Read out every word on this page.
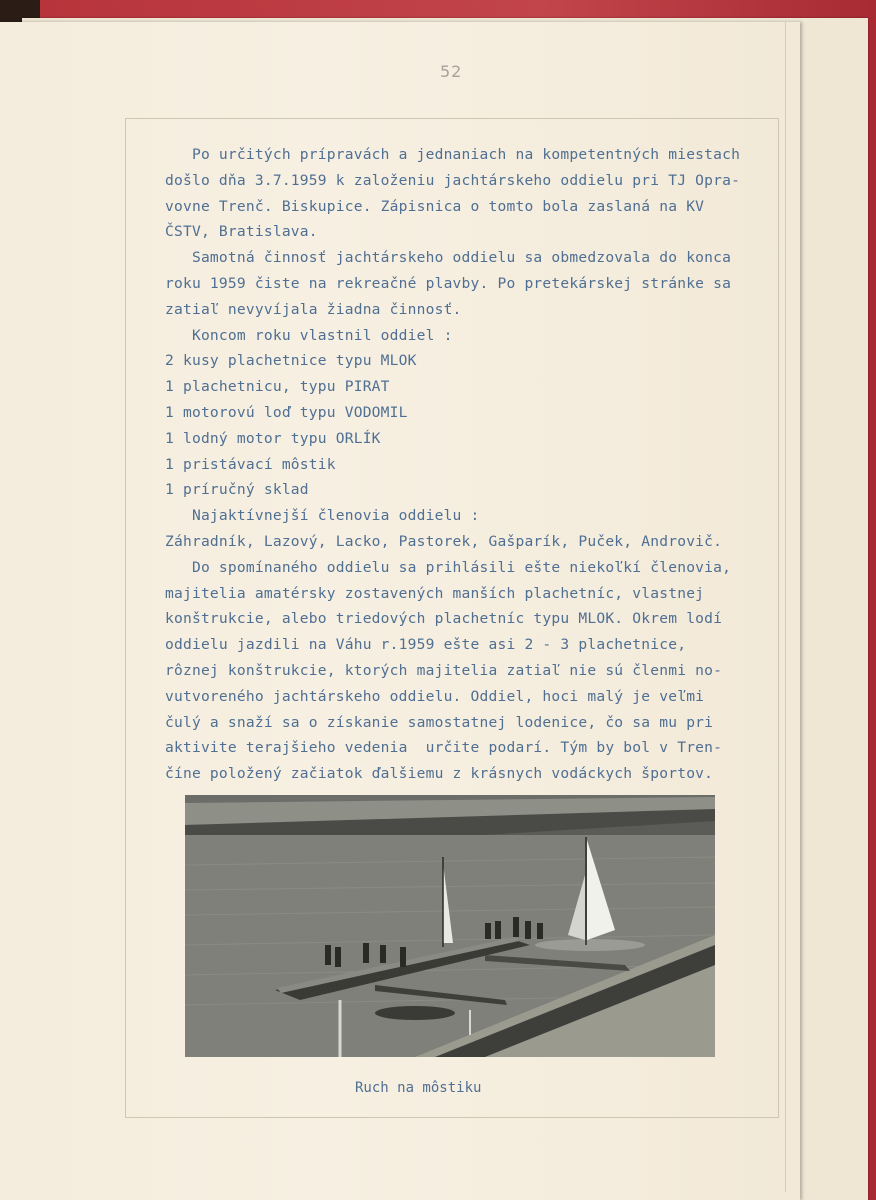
52
Po určitých prípravách a jednaniach na kompetentných miestach
došlo dňa 3.7.1959 k založeniu jachtárskeho oddielu pri TJ Opra-
vovne Trenč. Biskupice. Zápisnica o tomto bola zaslaná na KV
ČSTV, Bratislava.
Samotná činnosť jachtárskeho oddielu sa obmedzovala do konca
roku 1959 čiste na rekreačné plavby. Po pretekárskej stránke sa
zatiaľ nevyvíjala žiadna činnosť.
Koncom roku vlastnil oddiel :
2 kusy plachetnice typu MLOK
1 plachetnicu, typu PIRAT
1 motorovú loď typu VODOMIL
1 lodný motor typu ORLÍK
1 pristávací môstik
1 príručný sklad
Najaktívnejší členovia oddielu :
Záhradník, Lazový, Lacko, Pastorek, Gašparík, Puček, Androvič.
Do spomínaného oddielu sa prihlásili ešte niekoľkí členovia,
majitelia amatérsky zostavených manších plachetníc, vlastnej
konštrukcie, alebo triedových plachetníc typu MLOK. Okrem lodí
oddielu jazdili na Váhu r.1959 ešte asi 2 - 3 plachetnice,
rôznej konštrukcie, ktorých majitelia zatiaľ nie sú členmi no-
vutvoreného jachtárskeho oddielu. Oddiel, hoci malý je veľmi
čulý a snaží sa o získanie samostatnej lodenice, čo sa mu pri
aktivite terajšieho vedenia  určite podarí. Tým by bol v Tren-
číne položený začiatok ďalšiemu z krásnych vodáckych športov.
Ruch na môstiku
